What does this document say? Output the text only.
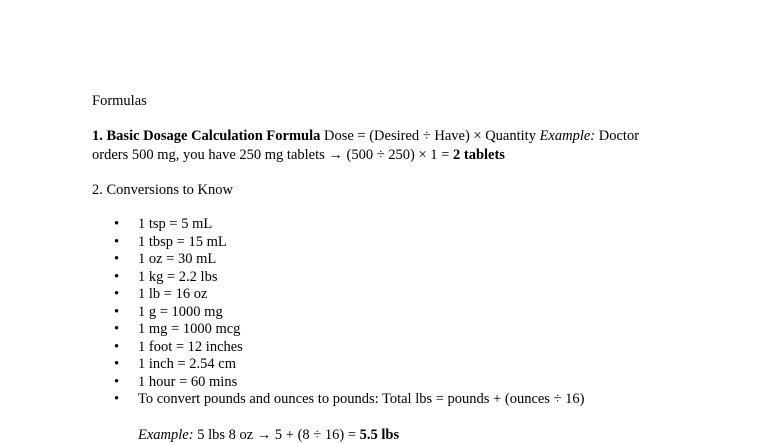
Formulas

1. Basic Dosage Calculation Formula Dose = (Desired ÷ Have) × Quantity Example: Doctor
orders 500 mg, you have 250 mg tablets → (500 ÷ 250) × 1 = 2 tablets

2. Conversions to Know
• 1 tsp = 5 mL
• 1 tbsp = 15 mL
• 1 oz = 30 mL
• 1 kg = 2.2 lbs
• 1 lb = 16 oz
• 1 g = 1000 mg
• 1 mg = 1000 mcg
• 1 foot = 12 inches
• 1 inch = 2.54 cm
• 1 hour = 60 mins
• To convert pounds and ounces to pounds: Total lbs = pounds + (ounces ÷ 16)
Example: 5 lbs 8 oz → 5 + (8 ÷ 16) = 5.5 lbs
